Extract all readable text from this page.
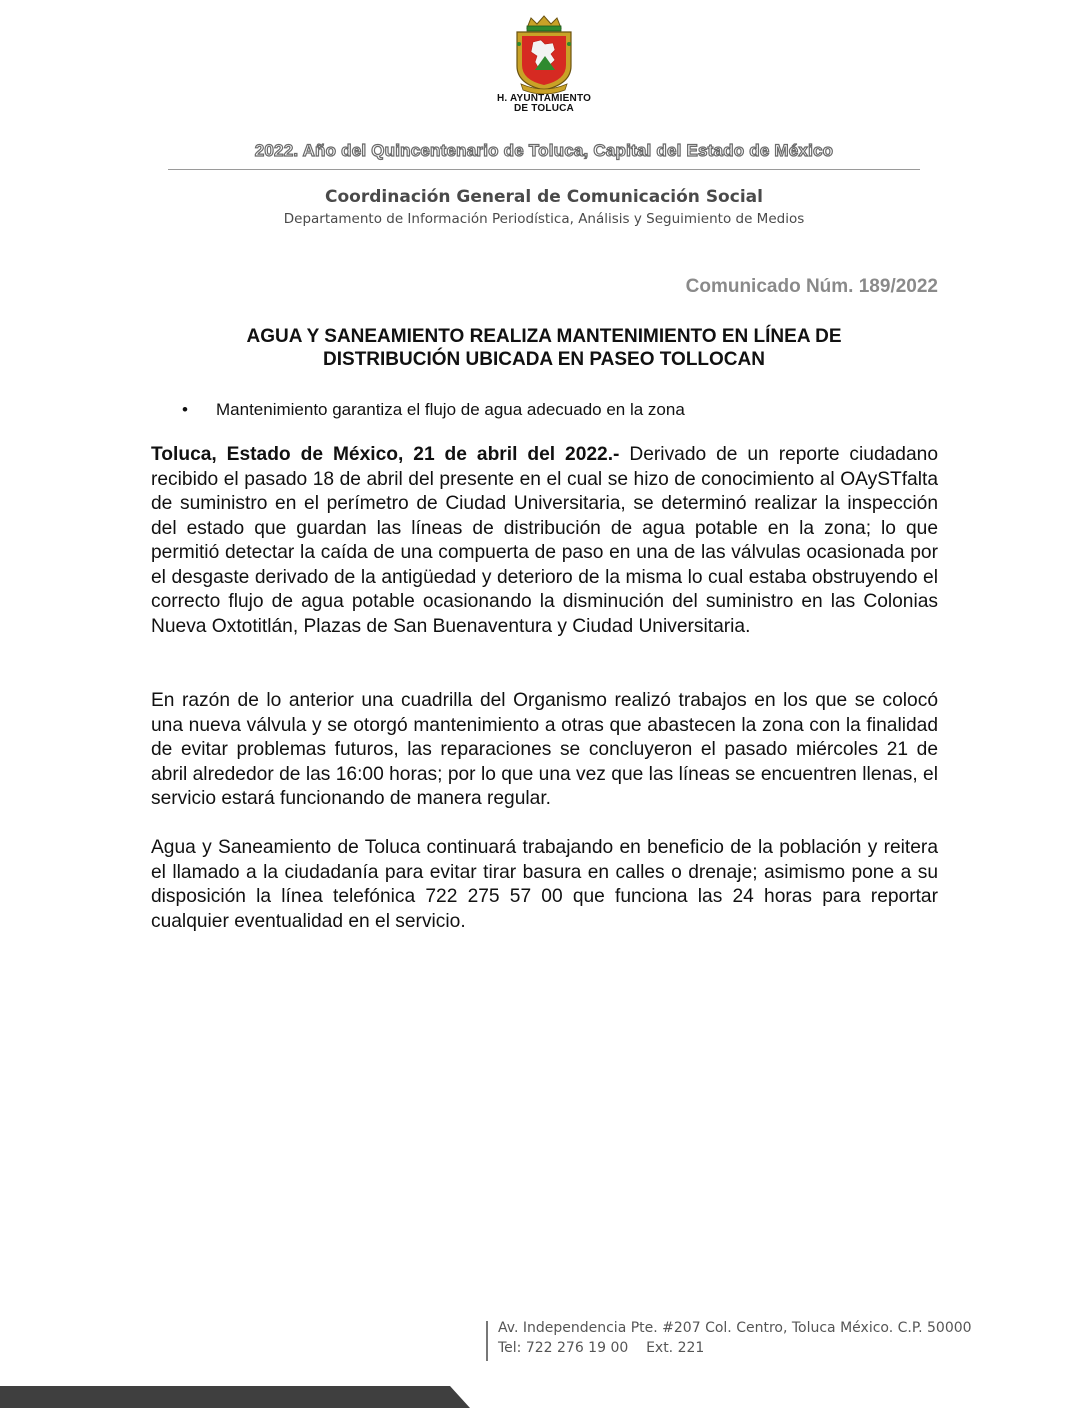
H. AYUNTAMIENTO
DE TOLUCA
2022. Año del Quincentenario de Toluca, Capital del Estado de México
Coordinación General de Comunicación Social
Departamento de Información Periodística, Análisis y Seguimiento de Medios
Comunicado Núm. 189/2022
AGUA Y SANEAMIENTO REALIZA MANTENIMIENTO EN LÍNEA DE
DISTRIBUCIÓN UBICADA EN PASEO TOLLOCAN
• Mantenimiento garantiza el flujo de agua adecuado en la zona

Toluca, Estado de México, 21 de abril del 2022.- Derivado de un reporte ciudadano recibido el pasado 18 de abril del presente en el cual se hizo de conocimiento al OAySTfalta de suministro en el perímetro de Ciudad Universitaria, se determinó realizar la inspección del estado que guardan las líneas de distribución de agua potable en la zona; lo que permitió detectar la caída de una compuerta de paso en una de las válvulas ocasionada por el desgaste derivado de la antigüedad y deterioro de la misma lo cual estaba obstruyendo el correcto flujo de agua potable ocasionando la disminución del suministro en las Colonias Nueva Oxtotitlán, Plazas de San Buenaventura y Ciudad Universitaria.

En razón de lo anterior una cuadrilla del Organismo realizó trabajos en los que se colocó una nueva válvula y se otorgó mantenimiento a otras que abastecen la zona con la finalidad de evitar problemas futuros, las reparaciones se concluyeron el pasado miércoles 21 de abril alrededor de las 16:00 horas; por lo que una vez que las líneas se encuentren llenas, el servicio estará funcionando de manera regular.

Agua y Saneamiento de Toluca continuará trabajando en beneficio de la población y reitera el llamado a la ciudadanía para evitar tirar basura en calles o drenaje; asimismo pone a su disposición la línea telefónica 722 275 57 00 que funciona las 24 horas para reportar cualquier eventualidad en el servicio.

Av. Independencia Pte. #207 Col. Centro, Toluca México. C.P. 50000
Tel: 722 276 19 00    Ext. 221
